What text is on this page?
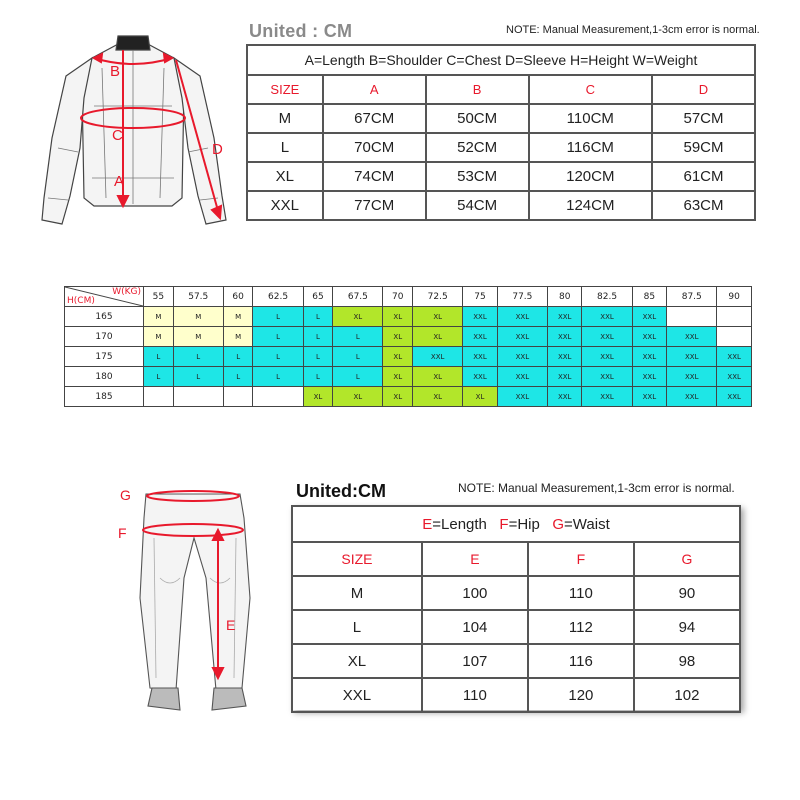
B
C
A
D
United : CM	NOTE: Manual Measurement,1-3cm error is normal.
A=Length B=Shoulder C=Chest D=Sleeve H=Height W=Weight				
SIZE	A	B	C	D
M	67CM	50CM	110CM	57CM
L	70CM	52CM	116CM	59CM
XL	74CM	53CM	120CM	61CM
XXL	77CM	54CM	124CM	63CM
W(KG)
H(CM)	55	57.5	60	62.5	65	67.5	70	72.5	75	77.5	80	82.5	85	87.5	90
165	M	M	M	L	L	XL	XL	XL	XXL	XXL	XXL	XXL	XXL		
170	M	M	M	L	L	L	XL	XL	XXL	XXL	XXL	XXL	XXL	XXL	
175	L	L	L	L	L	L	XL	XXL	XXL	XXL	XXL	XXL	XXL	XXL	XXL
180	L	L	L	L	L	L	XL	XL	XXL	XXL	XXL	XXL	XXL	XXL	XXL
185					XL	XL	XL	XL	XL	XXL	XXL	XXL	XXL	XXL	XXL
G
F
E
United:CM	NOTE: Manual Measurement,1-3cm error is normal.
E=Length F=Hip G=Waist			
SIZE	E	F	G
M	100	110	90
L	104	112	94
XL	107	116	98
XXL	110	120	102
